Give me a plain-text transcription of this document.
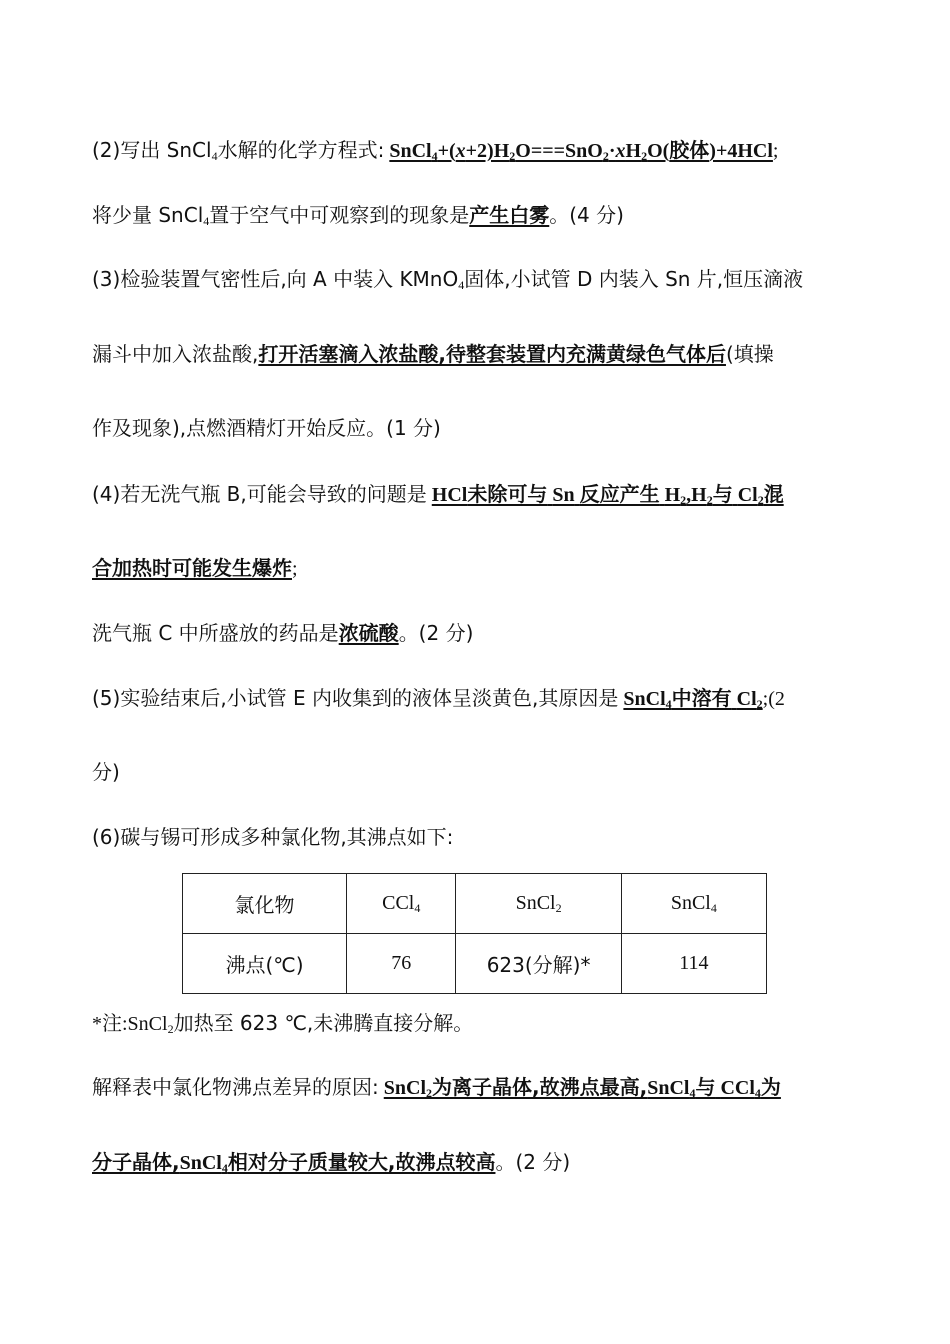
(2)写出 SnCl$_4$水解的化学方程式: $SnCl_4+(x+2)H_2O===SnO_2\cdot xH_2O$(胶体)+4HCl;
将少量 SnCl$_4$置于空气中可观察到的现象是产生白雾。(4 分)
(3)检验装置气密性后,向 A 中装入 KMnO$_4$固体,小试管 D 内装入 Sn 片,恒压滴液
漏斗中加入浓盐酸,打开活塞滴入浓盐酸,待整套装置内充满黄绿色气体后(填操
作及现象),点燃酒精灯开始反应。(1 分)
(4)若无洗气瓶 B,可能会导致的问题是 HCl未除可与 Sn 反应产生 $H_2,H_2$与 $Cl_2$混
合加热时可能发生爆炸;
洗气瓶 C 中所盛放的药品是浓硫酸。(2 分)
(5)实验结束后,小试管 E 内收集到的液体呈淡黄色,其原因是 SnCl$_4$中溶有 $Cl_2;(2$
分)
(6)碳与锡可形成多种氯化物,其沸点如下:
氯化物	CCl$_4$	SnCl$_2$	SnCl$_4$
沸点(℃)	76	623(分解)*	114
*注:SnCl$_2$加热至 623 ℃,未沸腾直接分解。
解释表中氯化物沸点差异的原因: SnCl$_2$为离子晶体,故沸点最高,SnCl$_4$与 CCl$_4$为
分子晶体,SnCl$_4$相对分子质量较大,故沸点较高。(2 分)
